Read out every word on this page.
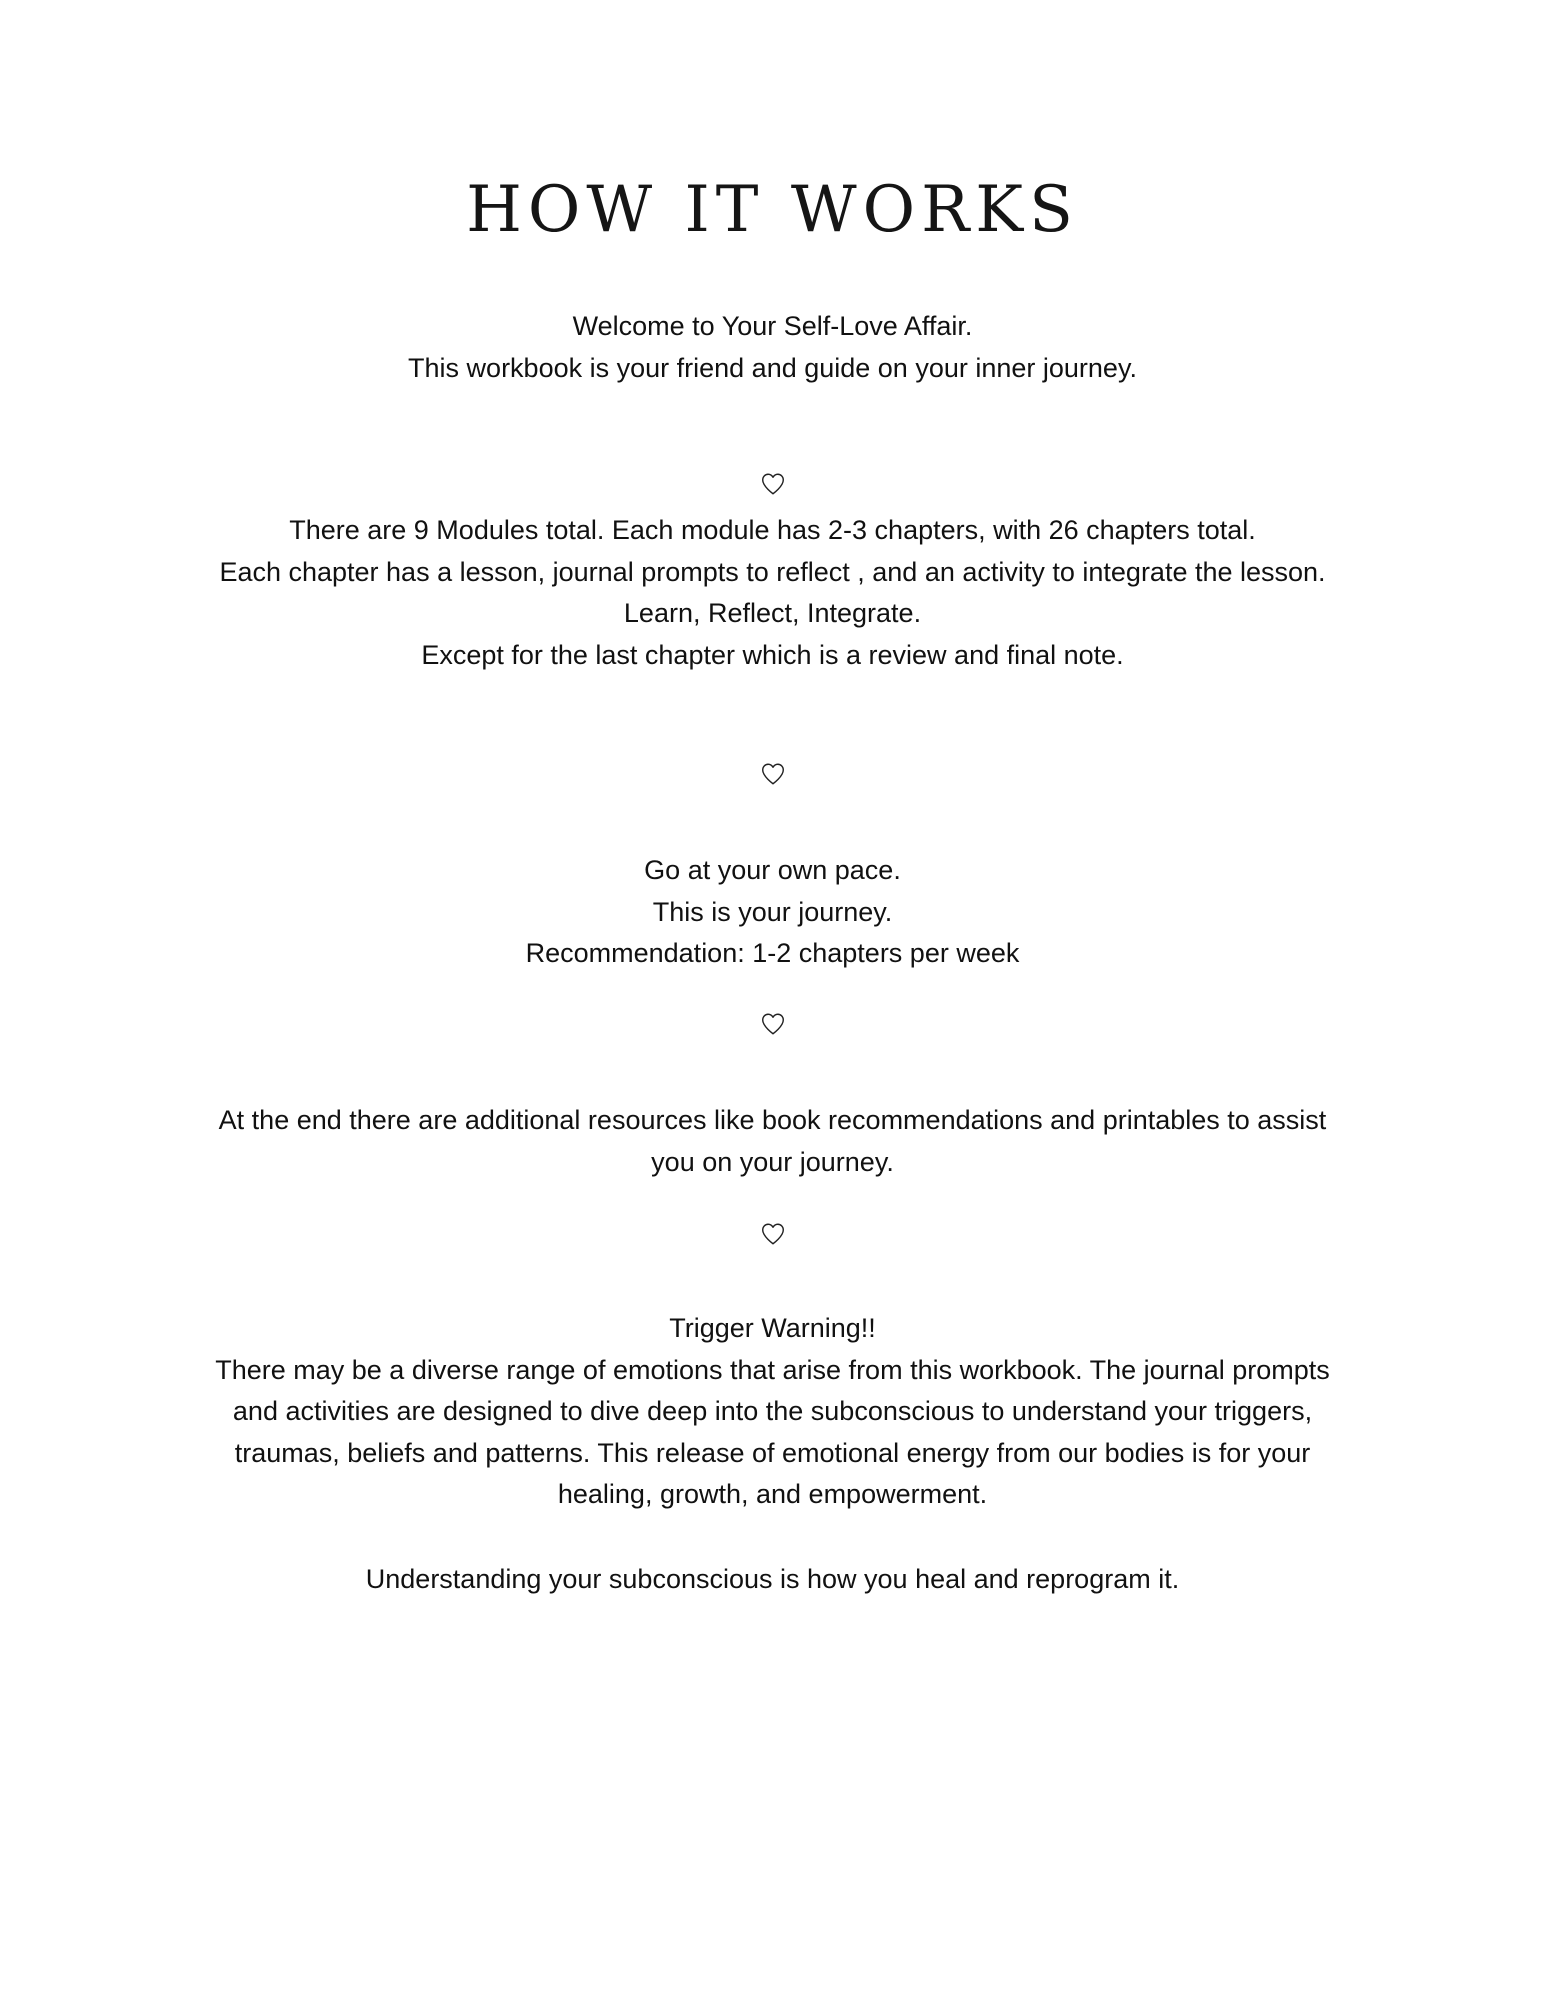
HOW IT WORKS

Welcome to Your Self-Love Affair.

This workbook is your friend and guide on your inner journey.

There are 9 Modules total. Each module has 2-3 chapters, with 26 chapters total.

Each chapter has a lesson, journal prompts to reflect , and an activity to integrate the lesson.

Learn, Reflect, Integrate.

Except for the last chapter which is a review and final note.

Go at your own pace.

This is your journey.

Recommendation: 1-2 chapters per week

At the end there are additional resources like book recommendations and printables to assist you on your journey.

Trigger Warning!!

There may be a diverse range of emotions that arise from this workbook. The journal prompts and activities are designed to dive deep into the subconscious to understand your triggers, traumas, beliefs and patterns. This release of emotional energy from our bodies is for your healing, growth, and empowerment.

Understanding your subconscious is how you heal and reprogram it.
